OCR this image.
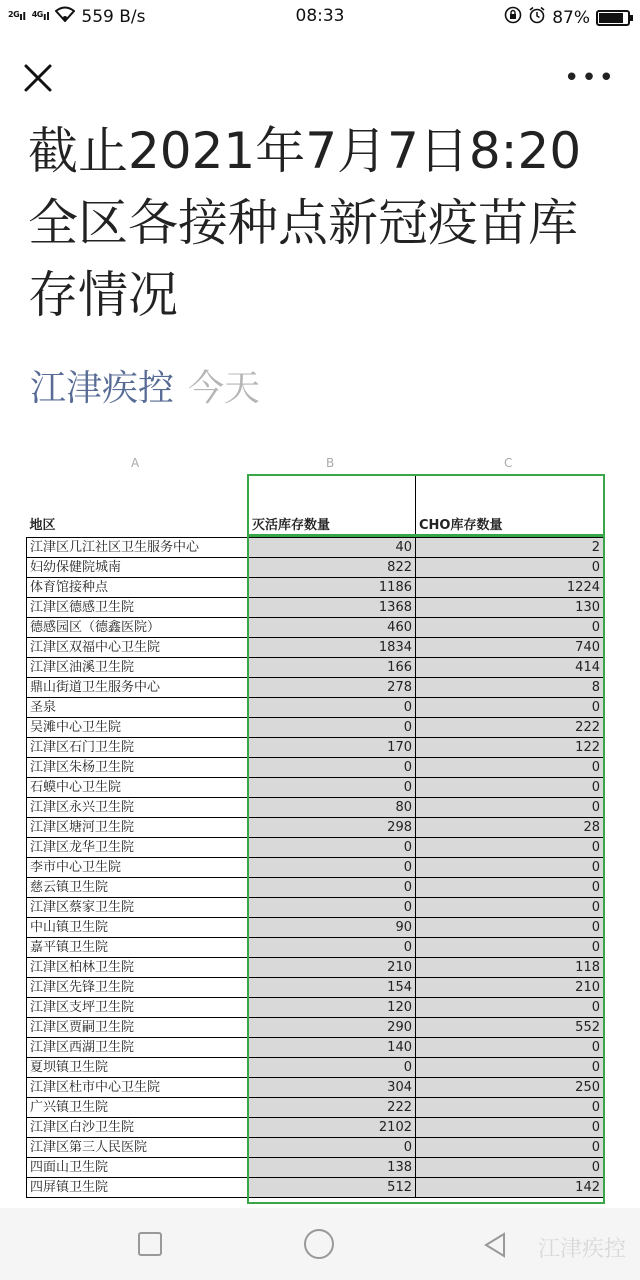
$^{2G}$ıl $^{4G}$ıl 559 B/s	08:33	87%
•••
截止2021年7月7日8:20全区各接种点新冠疫苗库存情况
江津疾控 今天
A	B	C
地区	灭活库存数量	CHO库存数量
江津区几江社区卫生服务中心	40	2
妇幼保健院城南	822	0
体育馆接种点	1186	1224
江津区德感卫生院	1368	130
德感园区（德鑫医院）	460	0
江津区双福中心卫生院	1834	740
江津区油溪卫生院	166	414
鼎山街道卫生服务中心	278	8
圣泉	0	0
吴滩中心卫生院	0	222
江津区石门卫生院	170	122
江津区朱杨卫生院	0	0
石蟆中心卫生院	0	0
江津区永兴卫生院	80	0
江津区塘河卫生院	298	28
江津区龙华卫生院	0	0
李市中心卫生院	0	0
慈云镇卫生院	0	0
江津区蔡家卫生院	0	0
中山镇卫生院	90	0
嘉平镇卫生院	0	0
江津区柏林卫生院	210	118
江津区先锋卫生院	154	210
江津区支坪卫生院	120	0
江津区贾嗣卫生院	290	552
江津区西湖卫生院	140	0
夏坝镇卫生院	0	0
江津区杜市中心卫生院	304	250
广兴镇卫生院	222	0
江津区白沙卫生院	2102	0
江津区第三人民医院	0	0
四面山卫生院	138	0
四屏镇卫生院	512	142
江津疾控
